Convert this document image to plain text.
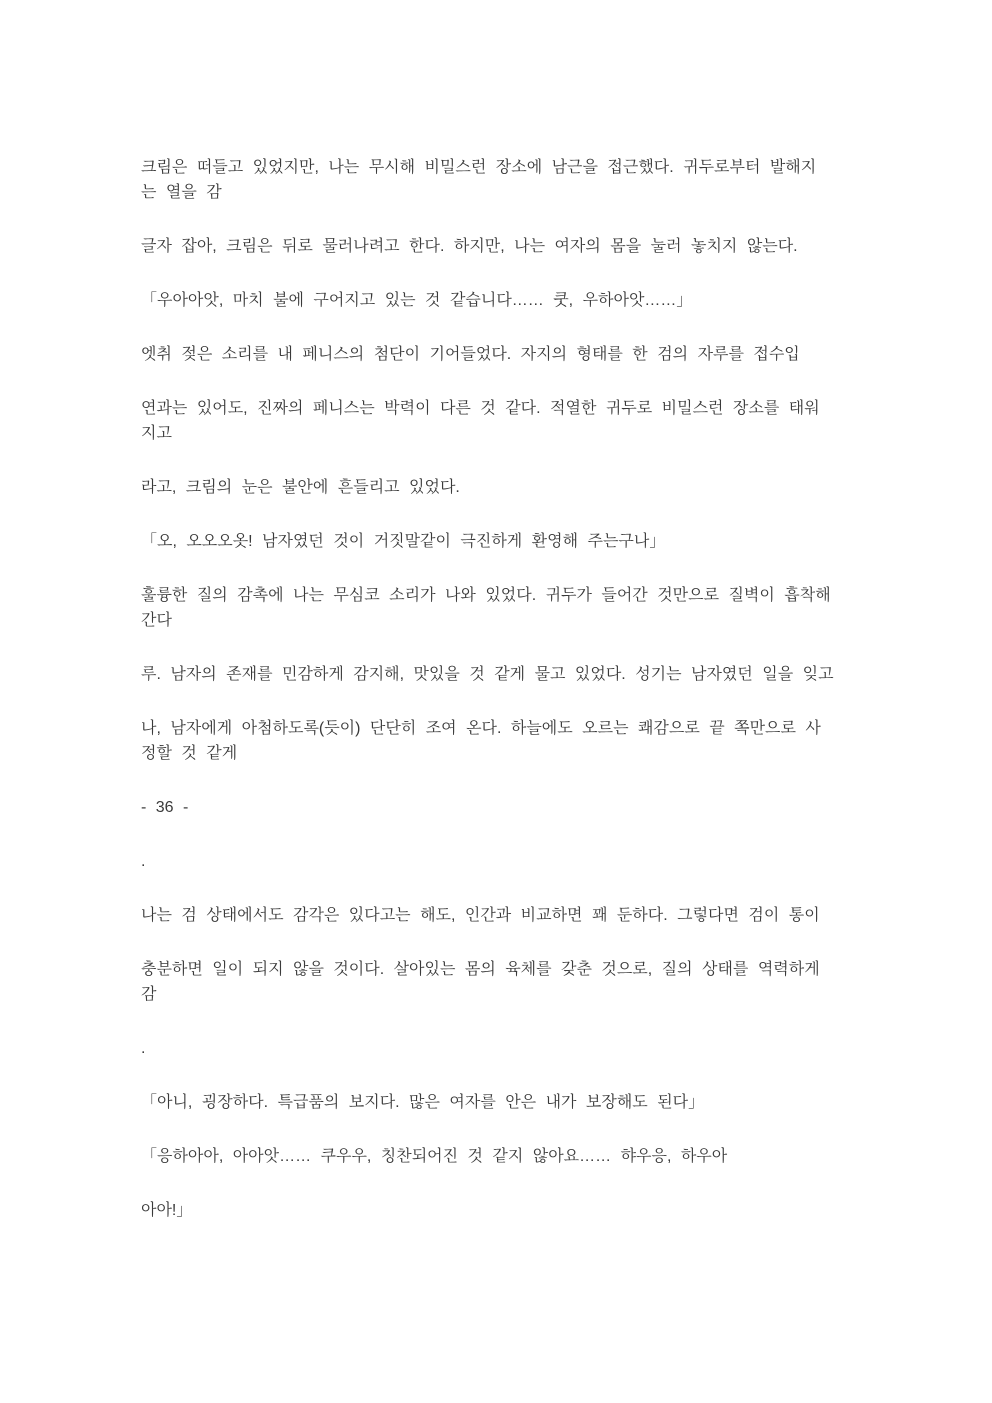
크림은 떠들고 있었지만, 나는 무시해 비밀스런 장소에 남근을 접근했다. 귀두로부터 발해지
는 열을 감

글자 잡아, 크림은 뒤로 물러나려고 한다. 하지만, 나는 여자의 몸을 눌러 놓치지 않는다.

「우아아앗, 마치 불에 구어지고 있는 것 같습니다…… 쿳, 우하아앗……」

엣취 젖은 소리를 내 페니스의 첨단이 기어들었다. 자지의 형태를 한 검의 자루를 접수입

연과는 있어도, 진짜의 페니스는 박력이 다른 것 같다. 적열한 귀두로 비밀스런 장소를 태워
지고

라고, 크림의 눈은 불안에 흔들리고 있었다.

「오, 오오오옷! 남자였던 것이 거짓말같이 극진하게 환영해 주는구나」

훌륭한 질의 감촉에 나는 무심코 소리가 나와 있었다. 귀두가 들어간 것만으로 질벽이 흡착해
간다

루. 남자의 존재를 민감하게 감지해, 맛있을 것 같게 물고 있었다. 성기는 남자였던 일을 잊고

나, 남자에게 아첨하도록(듯이) 단단히 조여 온다. 하늘에도 오르는 쾌감으로 끝 쪽만으로 사
정할 것 같게

- 36 -

.

나는 검 상태에서도 감각은 있다고는 해도, 인간과 비교하면 꽤 둔하다. 그렇다면 검이 통이

충분하면 일이 되지 않을 것이다. 살아있는 몸의 육체를 갖춘 것으로, 질의 상태를 역력하게
감

.

「아니, 굉장하다. 특급품의 보지다. 많은 여자를 안은 내가 보장해도 된다」

「응하아아, 아아앗…… 쿠우우, 칭찬되어진 것 같지 않아요…… 햐우응, 하우아

아아!」
